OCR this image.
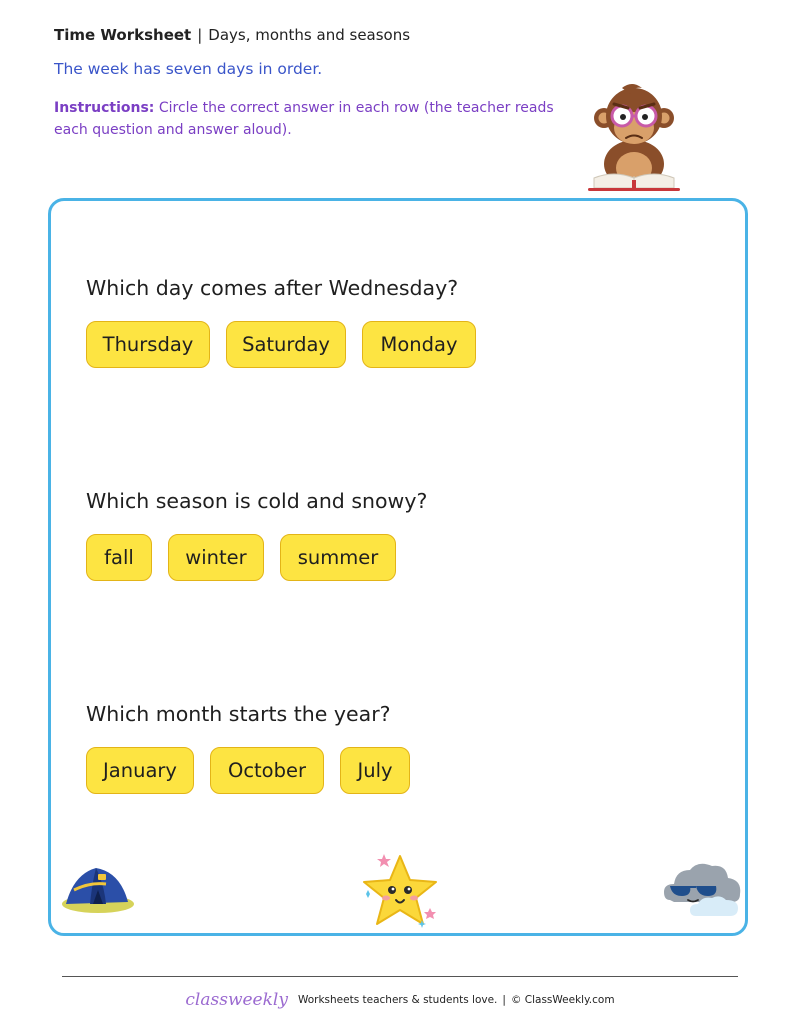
Time Worksheet | Days, months and seasons
The week has seven days in order.
Instructions: Circle the correct answer in each row (the teacher reads each question and answer aloud).
Which day comes after Wednesday?
Thursday	Saturday	Monday
Which season is cold and snowy?
fall	winter	summer
Which month starts the year?
January	October	July
classweekly Worksheets teachers & students love. | © ClassWeekly.com
